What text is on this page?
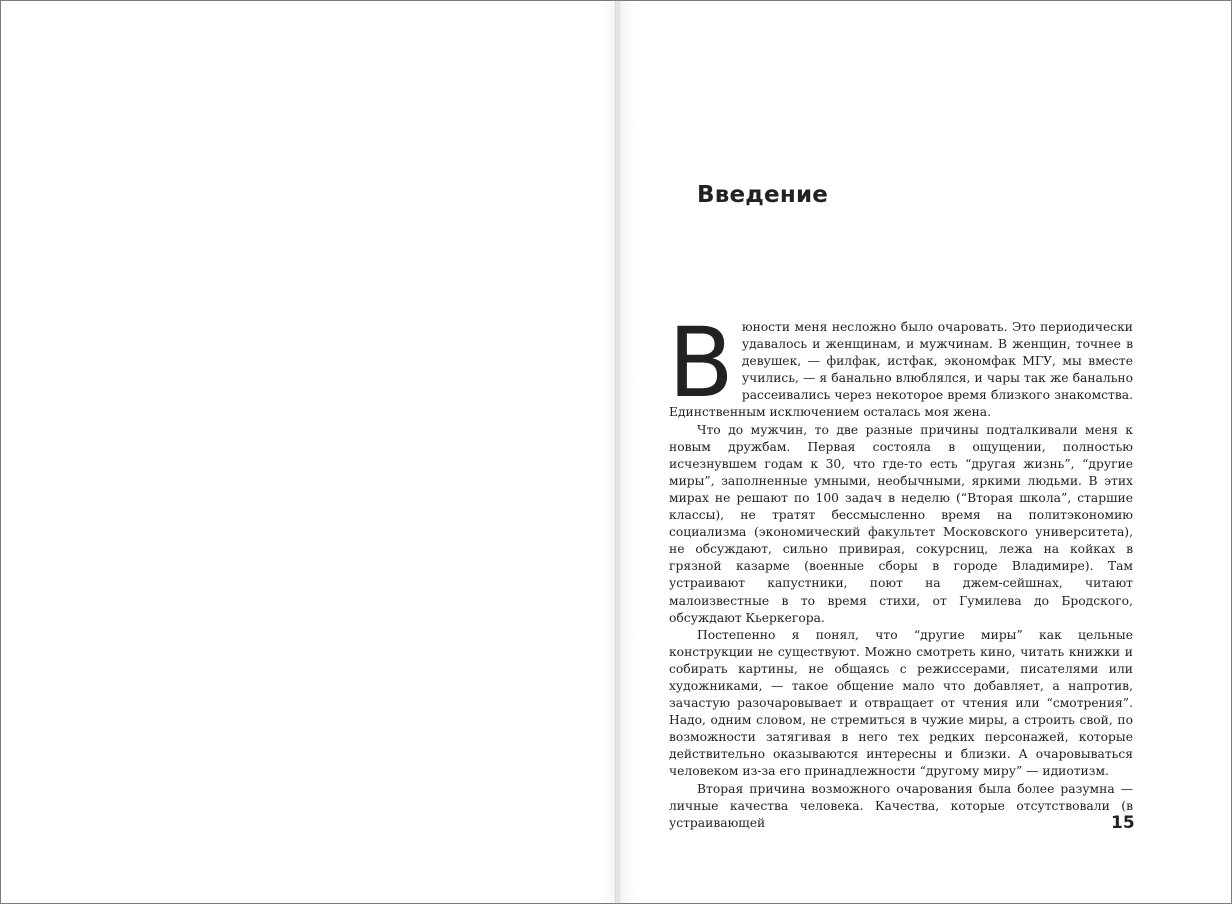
Введение

Вюности меня несложно было очаровать. Это периодически удавалось и женщинам, и мужчинам. В женщин, точнее в девушек, — филфак, истфак, экономфак МГУ, мы вместе учились, — я банально влюблялся, и чары так же банально рассеивались через некоторое время близкого знакомства. Единственным исключением осталась моя жена.

Что до мужчин, то две разные причины подталкивали меня к новым дружбам. Первая состояла в ощущении, полностью исчезнувшем годам к 30, что где-то есть “другая жизнь”, “другие миры”, заполненные умными, необычными, яркими людьми. В этих мирах не решают по 100 задач в неделю (“Вторая школа”, старшие классы), не тратят бессмысленно время на политэкономию социализма (экономический факультет Московского университета), не обсуждают, сильно привирая, сокурсниц, лежа на койках в грязной казарме (военные сборы в городе Владимире). Там устраивают капустники, поют на джем-сейшнах, читают малоизвестные в то время стихи, от Гумилева до Бродского, обсуждают Кьеркегора.

Постепенно я понял, что “другие миры” как цельные конструкции не существуют. Можно смотреть кино, читать книжки и собирать картины, не общаясь с режиссерами, писателями или художниками, — такое общение мало что добавляет, а напротив, зачастую разочаровывает и отвращает от чтения или “смотрения”. Надо, одним словом, не стремиться в чужие миры, а строить свой, по возможности затягивая в него тех редких персонажей, которые действительно оказываются интересны и близки. А очаровываться человеком из-за его принадлежности “другому миру” — идиотизм.

Вторая причина возможного очарования была более разумна — личные качества человека. Качества, которые отсутствовали (в устраивающей	15
